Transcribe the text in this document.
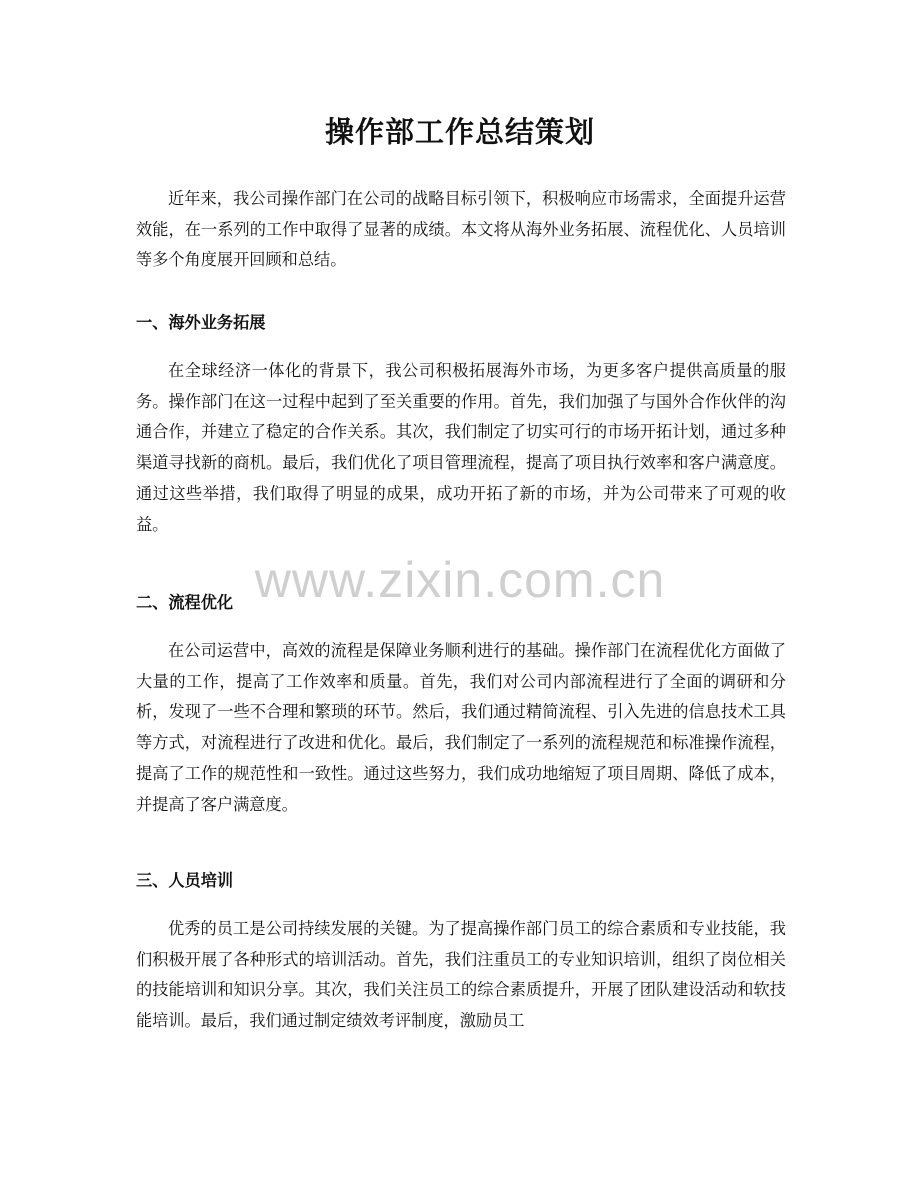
操作部工作总结策划

近年来，我公司操作部门在公司的战略目标引领下，积极响应市场需求，全面提升运营效能，在一系列的工作中取得了显著的成绩。本文将从海外业务拓展、流程优化、人员培训等多个角度展开回顾和总结。

一、海外业务拓展

在全球经济一体化的背景下，我公司积极拓展海外市场，为更多客户提供高质量的服务。操作部门在这一过程中起到了至关重要的作用。首先，我们加强了与国外合作伙伴的沟通合作，并建立了稳定的合作关系。其次，我们制定了切实可行的市场开拓计划，通过多种渠道寻找新的商机。最后，我们优化了项目管理流程，提高了项目执行效率和客户满意度。通过这些举措，我们取得了明显的成果，成功开拓了新的市场，并为公司带来了可观的收益。

二、流程优化

在公司运营中，高效的流程是保障业务顺利进行的基础。操作部门在流程优化方面做了大量的工作，提高了工作效率和质量。首先，我们对公司内部流程进行了全面的调研和分析，发现了一些不合理和繁琐的环节。然后，我们通过精简流程、引入先进的信息技术工具等方式，对流程进行了改进和优化。最后，我们制定了一系列的流程规范和标准操作流程，提高了工作的规范性和一致性。通过这些努力，我们成功地缩短了项目周期、降低了成本，并提高了客户满意度。

三、人员培训

优秀的员工是公司持续发展的关键。为了提高操作部门员工的综合素质和专业技能，我们积极开展了各种形式的培训活动。首先，我们注重员工的专业知识培训，组织了岗位相关的技能培训和知识分享。其次，我们关注员工的综合素质提升，开展了团队建设活动和软技能培训。最后，我们通过制定绩效考评制度，激励员工

www.zixin.com.cn
